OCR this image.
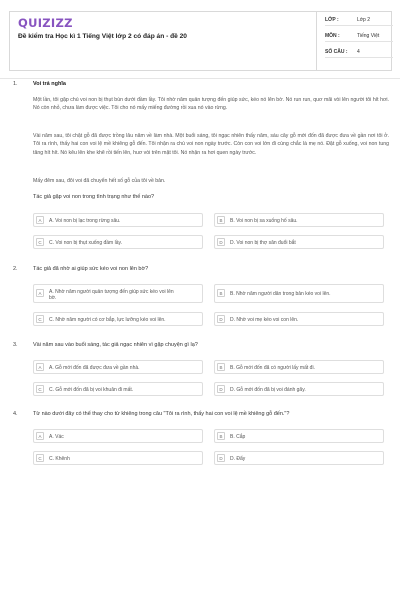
QUIZIZZ
Đề kiểm tra Học kì 1 Tiếng Việt lớp 2 có đáp án - đề 20
LỚP :	Lớp 2
MÔN :	Tiếng Việt
SỐ CÂU : 4
1.	Voi trả nghĩa
Một lần, tôi gặp chú voi non bị thụt bùn dưới đầm lầy. Tôi nhờ năm quản tượng đến giúp sức, kéo nó lên bờ. Nó run run, quơ mãi vòi lên người tôi hít hơi. Nó còn nhỏ, chưa làm được việc. Tôi cho nó mấy miếng đường rồi xua nó vào rừng.
Vài năm sau, tôi chặt gỗ đã được trồng lâu năm về làm nhà. Một buổi sáng, tôi ngạc nhiên thấy năm, sáu cây gỗ mới đốn đã được đưa về gần nơi tôi ở. Tôi ra rình, thấy hai con voi lệ mề khiêng gỗ đến. Tôi nhận ra chú voi non ngày trước. Còn con voi lớn đi cùng chắc là mẹ nó. Đặt gỗ xuống, voi non tung tăng hít hít. Nó kêu lên khe khẽ rồi tiến lên, huơ vòi trên mặt tôi. Nó nhận ra hơi quen ngày trước.
Mấy đêm sau, đôi voi đã chuyển hết số gỗ của tôi về bản.
Tác giả gặp voi non trong tình trạng như thế nào?
A	A. Voi non bị lạc trong rừng sâu.	B	B. Voi non bị sa xuống hố sâu.
C	C. Voi non bị thụt xuống đầm lầy.	D	D. Voi non bị thợ săn đuổi bắt
2.	Tác giả đã nhờ ai giúp sức kéo voi non lên bờ?
A	A. Nhờ năm người quản tượng đến giúp sức kéo voi lên bờ.
B	B. Nhờ năm người dân trong bản kéo voi lên.
C	C. Nhờ năm người có cơ bắp, lực lưỡng kéo voi lên.	D	D. Nhờ voi mẹ kéo voi con lên.
3.	Vài năm sau vào buổi sáng, tác giả ngạc nhiên vì gặp chuyện gì lạ?
A	A. Gỗ mới đốn đã được đưa về gần nhà.	B	B. Gỗ mới đốn đã có người lấy mất đi.
C	C. Gỗ mới đốn đã bị voi khuân đi mất.	D	D. Gỗ mới đốn đã bị voi đánh gãy.
4.	Từ nào dưới đây có thể thay cho từ khiêng trong câu "Tôi ra rình, thấy hai con voi lệ mề khiêng gỗ đến."?
A	A. Vác	B	B. Cắp
C	C. Khênh	D	D. Đẩy
